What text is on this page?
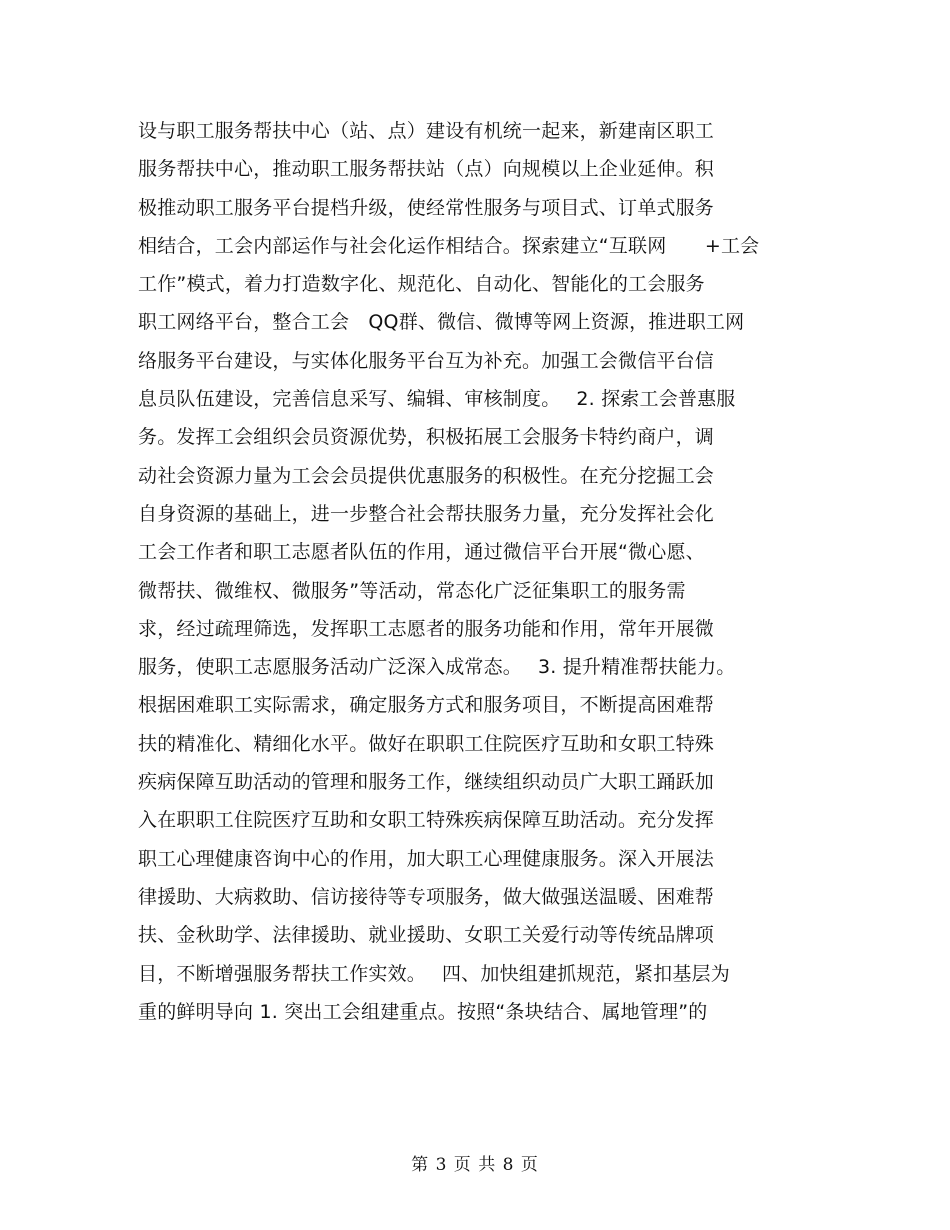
设与职工服务帮扶中心（站、点）建设有机统一起来，新建南区职工
服务帮扶中心，推动职工服务帮扶站（点）向规模以上企业延伸。积
极推动职工服务平台提档升级，使经常性服务与项目式、订单式服务
相结合，工会内部运作与社会化运作相结合。探索建立“互联网　　+工会
工作”模式，着力打造数字化、规范化、自动化、智能化的工会服务
职工网络平台，整合工会　QQ群、微信、微博等网上资源，推进职工网
络服务平台建设，与实体化服务平台互为补充。加强工会微信平台信
息员队伍建设，完善信息采写、编辑、审核制度。　 2. 探索工会普惠服
务。发挥工会组织会员资源优势，积极拓展工会服务卡特约商户，调
动社会资源力量为工会会员提供优惠服务的积极性。在充分挖掘工会
自身资源的基础上，进一步整合社会帮扶服务力量，充分发挥社会化
工会工作者和职工志愿者队伍的作用，通过微信平台开展“微心愿、
微帮扶、微维权、微服务”等活动，常态化广泛征集职工的服务需
求，经过疏理筛选，发挥职工志愿者的服务功能和作用，常年开展微
服务，使职工志愿服务活动广泛深入成常态。　 3. 提升精准帮扶能力。
根据困难职工实际需求，确定服务方式和服务项目，不断提高困难帮
扶的精准化、精细化水平。做好在职职工住院医疗互助和女职工特殊
疾病保障互助活动的管理和服务工作，继续组织动员广大职工踊跃加
入在职职工住院医疗互助和女职工特殊疾病保障互助活动。充分发挥
职工心理健康咨询中心的作用，加大职工心理健康服务。深入开展法
律援助、大病救助、信访接待等专项服务，做大做强送温暖、困难帮
扶、金秋助学、法律援助、就业援助、女职工关爱行动等传统品牌项
目，不断增强服务帮扶工作实效。　 四、加快组建抓规范，紧扣基层为
重的鲜明导向 1. 突出工会组建重点。按照“条块结合、属地管理”的
第 3 页 共 8 页
